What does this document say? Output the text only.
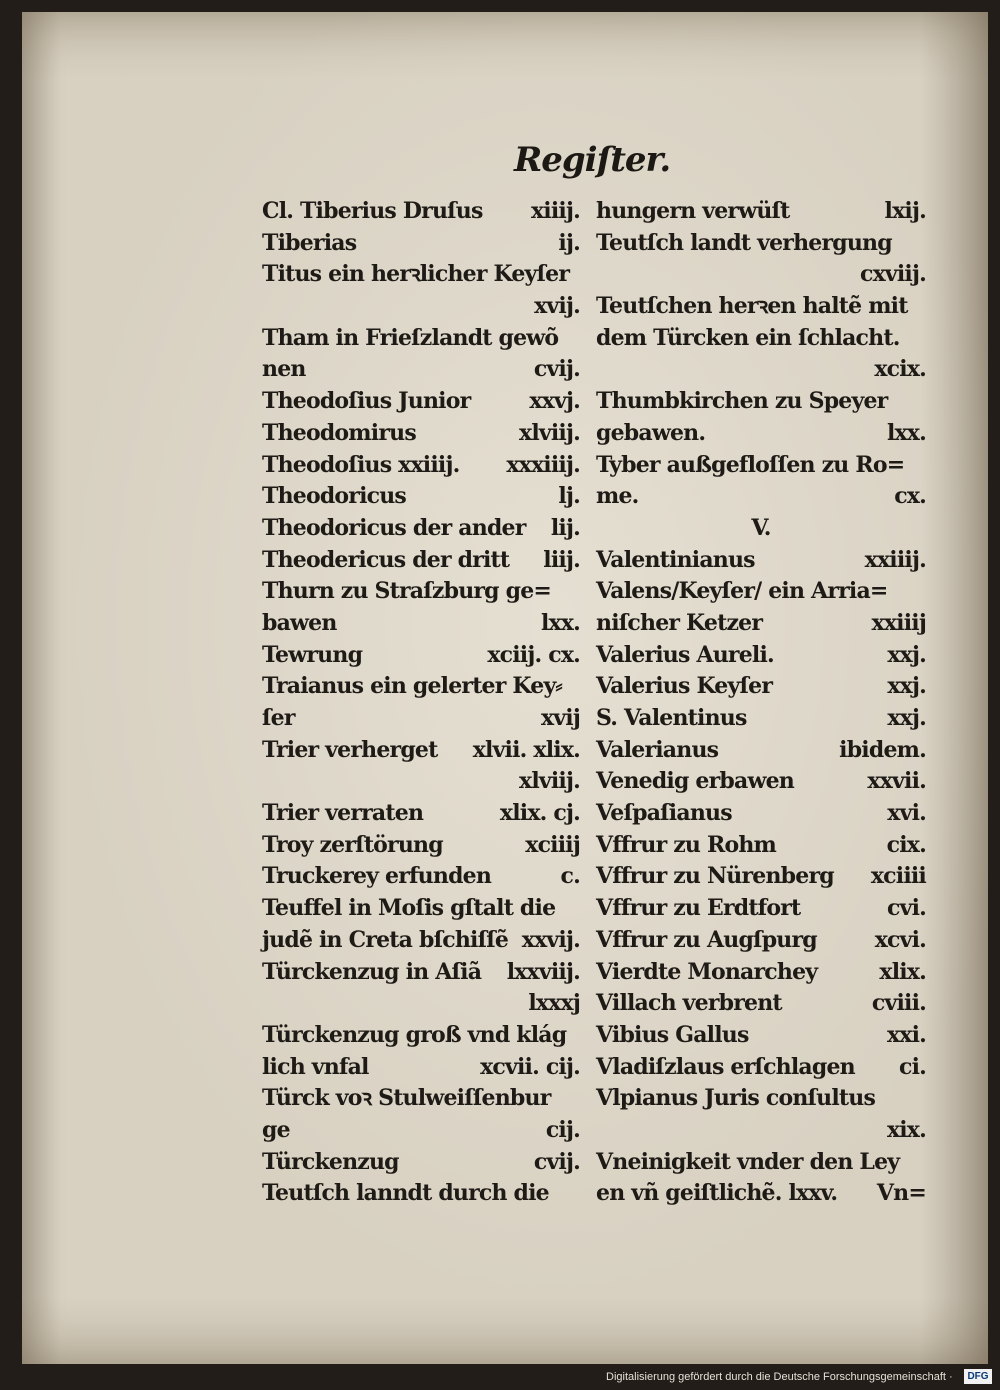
Regiſter.
Cl. Tiberius Druſus xiiij.
Tiberias	ij.
Titus ein herꝛlicher Keyſer
xvij.
Tham in Frieſzlandt gewõ
nen	cvij.
Theodoſius Junior	xxvj.
Theodomirus	xlviij.
Theodoſius xxiiij. xxxiiij.
Theodoricus	lj.
Theodoricus der ander lij.
Theodericus der dritt liij.
Thurn zu Straſzburg ge=
bawen	lxx.
Tewrung	xciij. cx.
Traianus ein gelerter Key⸗
ſer	xvij
Trier verherget xlvii. xlix.
xlviij.
Trier verraten	xlix. cj.
Troy zerſtörung	xciiij
Truckerey erfunden	c.
Teuffel in Moſis gſtalt die
judẽ in Creta bſchiſſẽ xxvij.
Türckenzug in Aſiã lxxviij.
lxxxj
Türckenzug groß vnd klág
lich vnfal	xcvii. cij.
Türck voꝛ Stulweiſſenbur
ge	cij.
Türckenzug	cvij.
Teutſch lanndt durch die
hungern verwüſt	lxij.
Teutſch landt verhergung
cxviij.
Teutſchen herꝛen haltẽ mit
dem Türcken ein ſchlacht.
xcix.
Thumbkirchen zu Speyer
gebawen.	lxx.
Tyber außgefloſſen zu Ro=
me.	cx.
V.
Valentinianus	xxiiij.
Valens/Keyſer/ ein Arria=
niſcher Ketzer	xxiiij
Valerius Aureli.	xxj.
Valerius Keyſer	xxj.
S. Valentinus	xxj.
Valerianus	ibidem.
Venedig erbawen	xxvii.
Veſpaſianus	xvi.
Vffrur zu Rohm	cix.
Vffrur zu Nürenberg xciiii
Vffrur zu Erdtfort	cvi.
Vffrur zu Augſpurg	xcvi.
Vierdte Monarchey	xlix.
Villach verbrent	cviii.
Vibius Gallus	xxi.
Vladiſzlaus erſchlagen ci.
Vlpianus Juris conſultus
xix.
Vneinigkeit vnder den Ley
en vñ geiſtlichẽ. lxxv. Vn=
Digitalisierung gefördert durch die Deutsche Forschungsgemeinschaft ·	DFG
